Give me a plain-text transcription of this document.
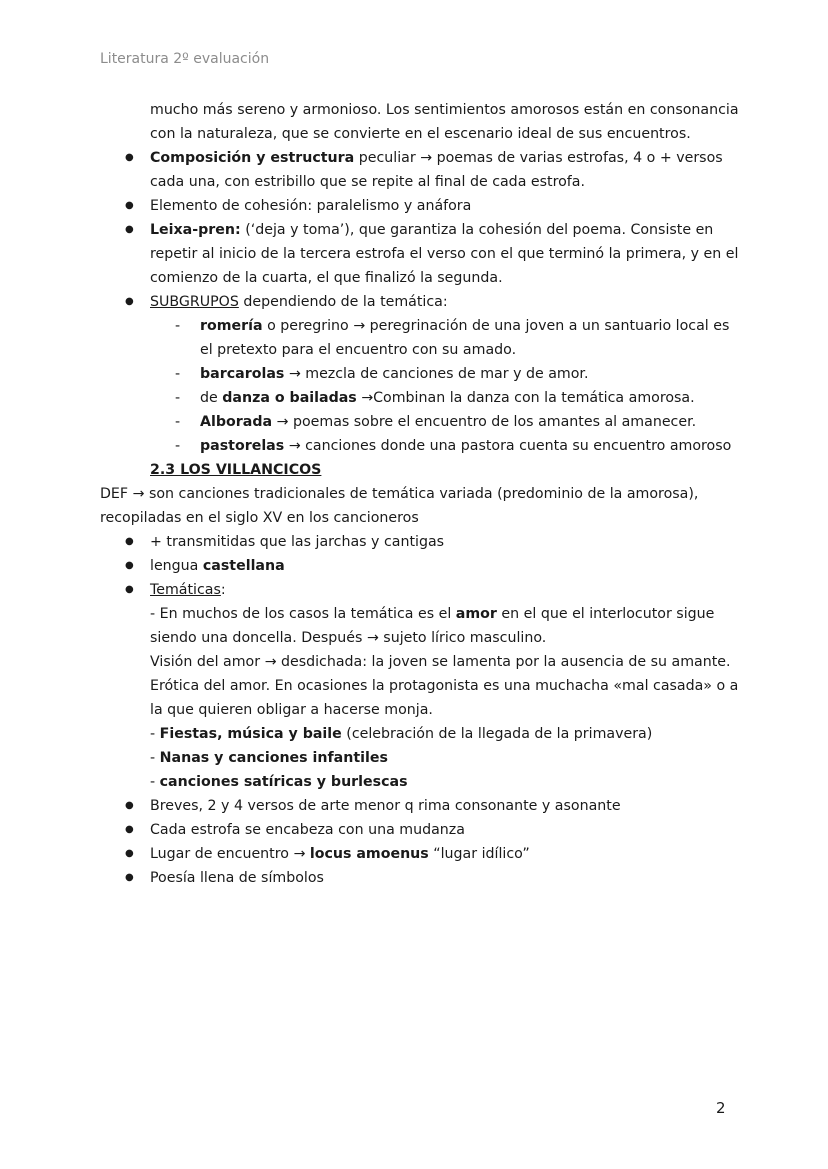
Literatura 2º evaluación
mucho más sereno y armonioso. Los sentimientos amorosos están en consonancia
con la naturaleza, que se convierte en el escenario ideal de sus encuentros.
● Composición y estructura peculiar → poemas de varias estrofas, 4 o + versos cada una, con estribillo que se repite al final de cada estrofa.
● Elemento de cohesión: paralelismo y anáfora
● Leixa-pren: (‘deja y toma’), que garantiza la cohesión del poema. Consiste en repetir al inicio de la tercera estrofa el verso con el que terminó la primera, y en el comienzo de la cuarta, el que finalizó la segunda.
● SUBGRUPOS dependiendo de la temática:
- romería o peregrino → peregrinación de una joven a un santuario local es el pretexto para el encuentro con su amado.
- barcarolas → mezcla de canciones de mar y de amor.
- de danza o bailadas →Combinan la danza con la temática amorosa.
- Alborada → poemas sobre el encuentro de los amantes al amanecer.
- pastorelas → canciones donde una pastora cuenta su encuentro amoroso
2.3 LOS VILLANCICOS
DEF → son canciones tradicionales de temática variada (predominio de la amorosa), recopiladas en el siglo XV en los cancioneros
● + transmitidas que las jarchas y cantigas
● lengua castellana
● Temáticas:
- En muchos de los casos la temática es el amor en el que el interlocutor sigue siendo una doncella. Después → sujeto lírico masculino.
Visión del amor → desdichada: la joven se lamenta por la ausencia de su amante.
Erótica del amor. En ocasiones la protagonista es una muchacha «mal casada» o a la que quieren obligar a hacerse monja.
- Fiestas, música y baile (celebración de la llegada de la primavera)
- Nanas y canciones infantiles
- canciones satíricas y burlescas
● Breves, 2 y 4 versos de arte menor q rima consonante y asonante
● Cada estrofa se encabeza con una mudanza
● Lugar de encuentro → locus amoenus “lugar idílico”
● Poesía llena de símbolos
2
